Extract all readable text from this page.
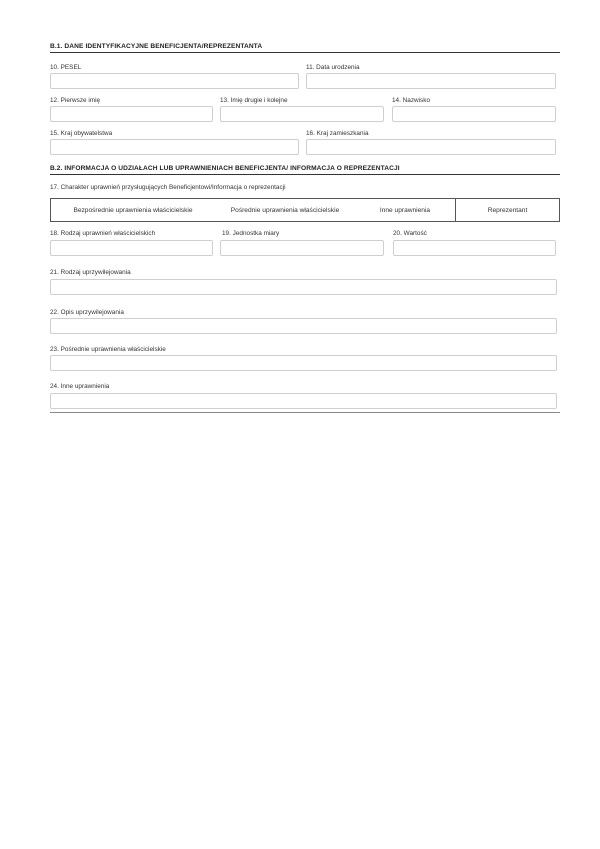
B.1. DANE IDENTYFIKACYJNE BENEFICJENTA/REPREZENTANTA
10. PESEL	11. Data urodzenia
12. Pierwsze imię	13. Imię drugie i kolejne	14. Nazwisko
15. Kraj obywatelstwa	16. Kraj zamieszkania
B.2. INFORMACJA O UDZIAŁACH LUB UPRAWNIENIACH BENEFICJENTA/ INFORMACJA O REPREZENTACJI
17. Charakter uprawnień przysługujących Beneficjentowi/Informacja o reprezentacji
Bezpośrednie uprawnienia właścicielskie	Pośrednie uprawnienia właścicielskie	Inne uprawnienia	Reprezentant
18. Rodzaj uprawnień właścicielskich	19. Jednostka miary	20. Wartość
21. Rodzaj uprzywilejowania
22. Opis uprzywilejowania
23. Pośrednie uprawnienia właścicielskie
24. Inne uprawnienia
